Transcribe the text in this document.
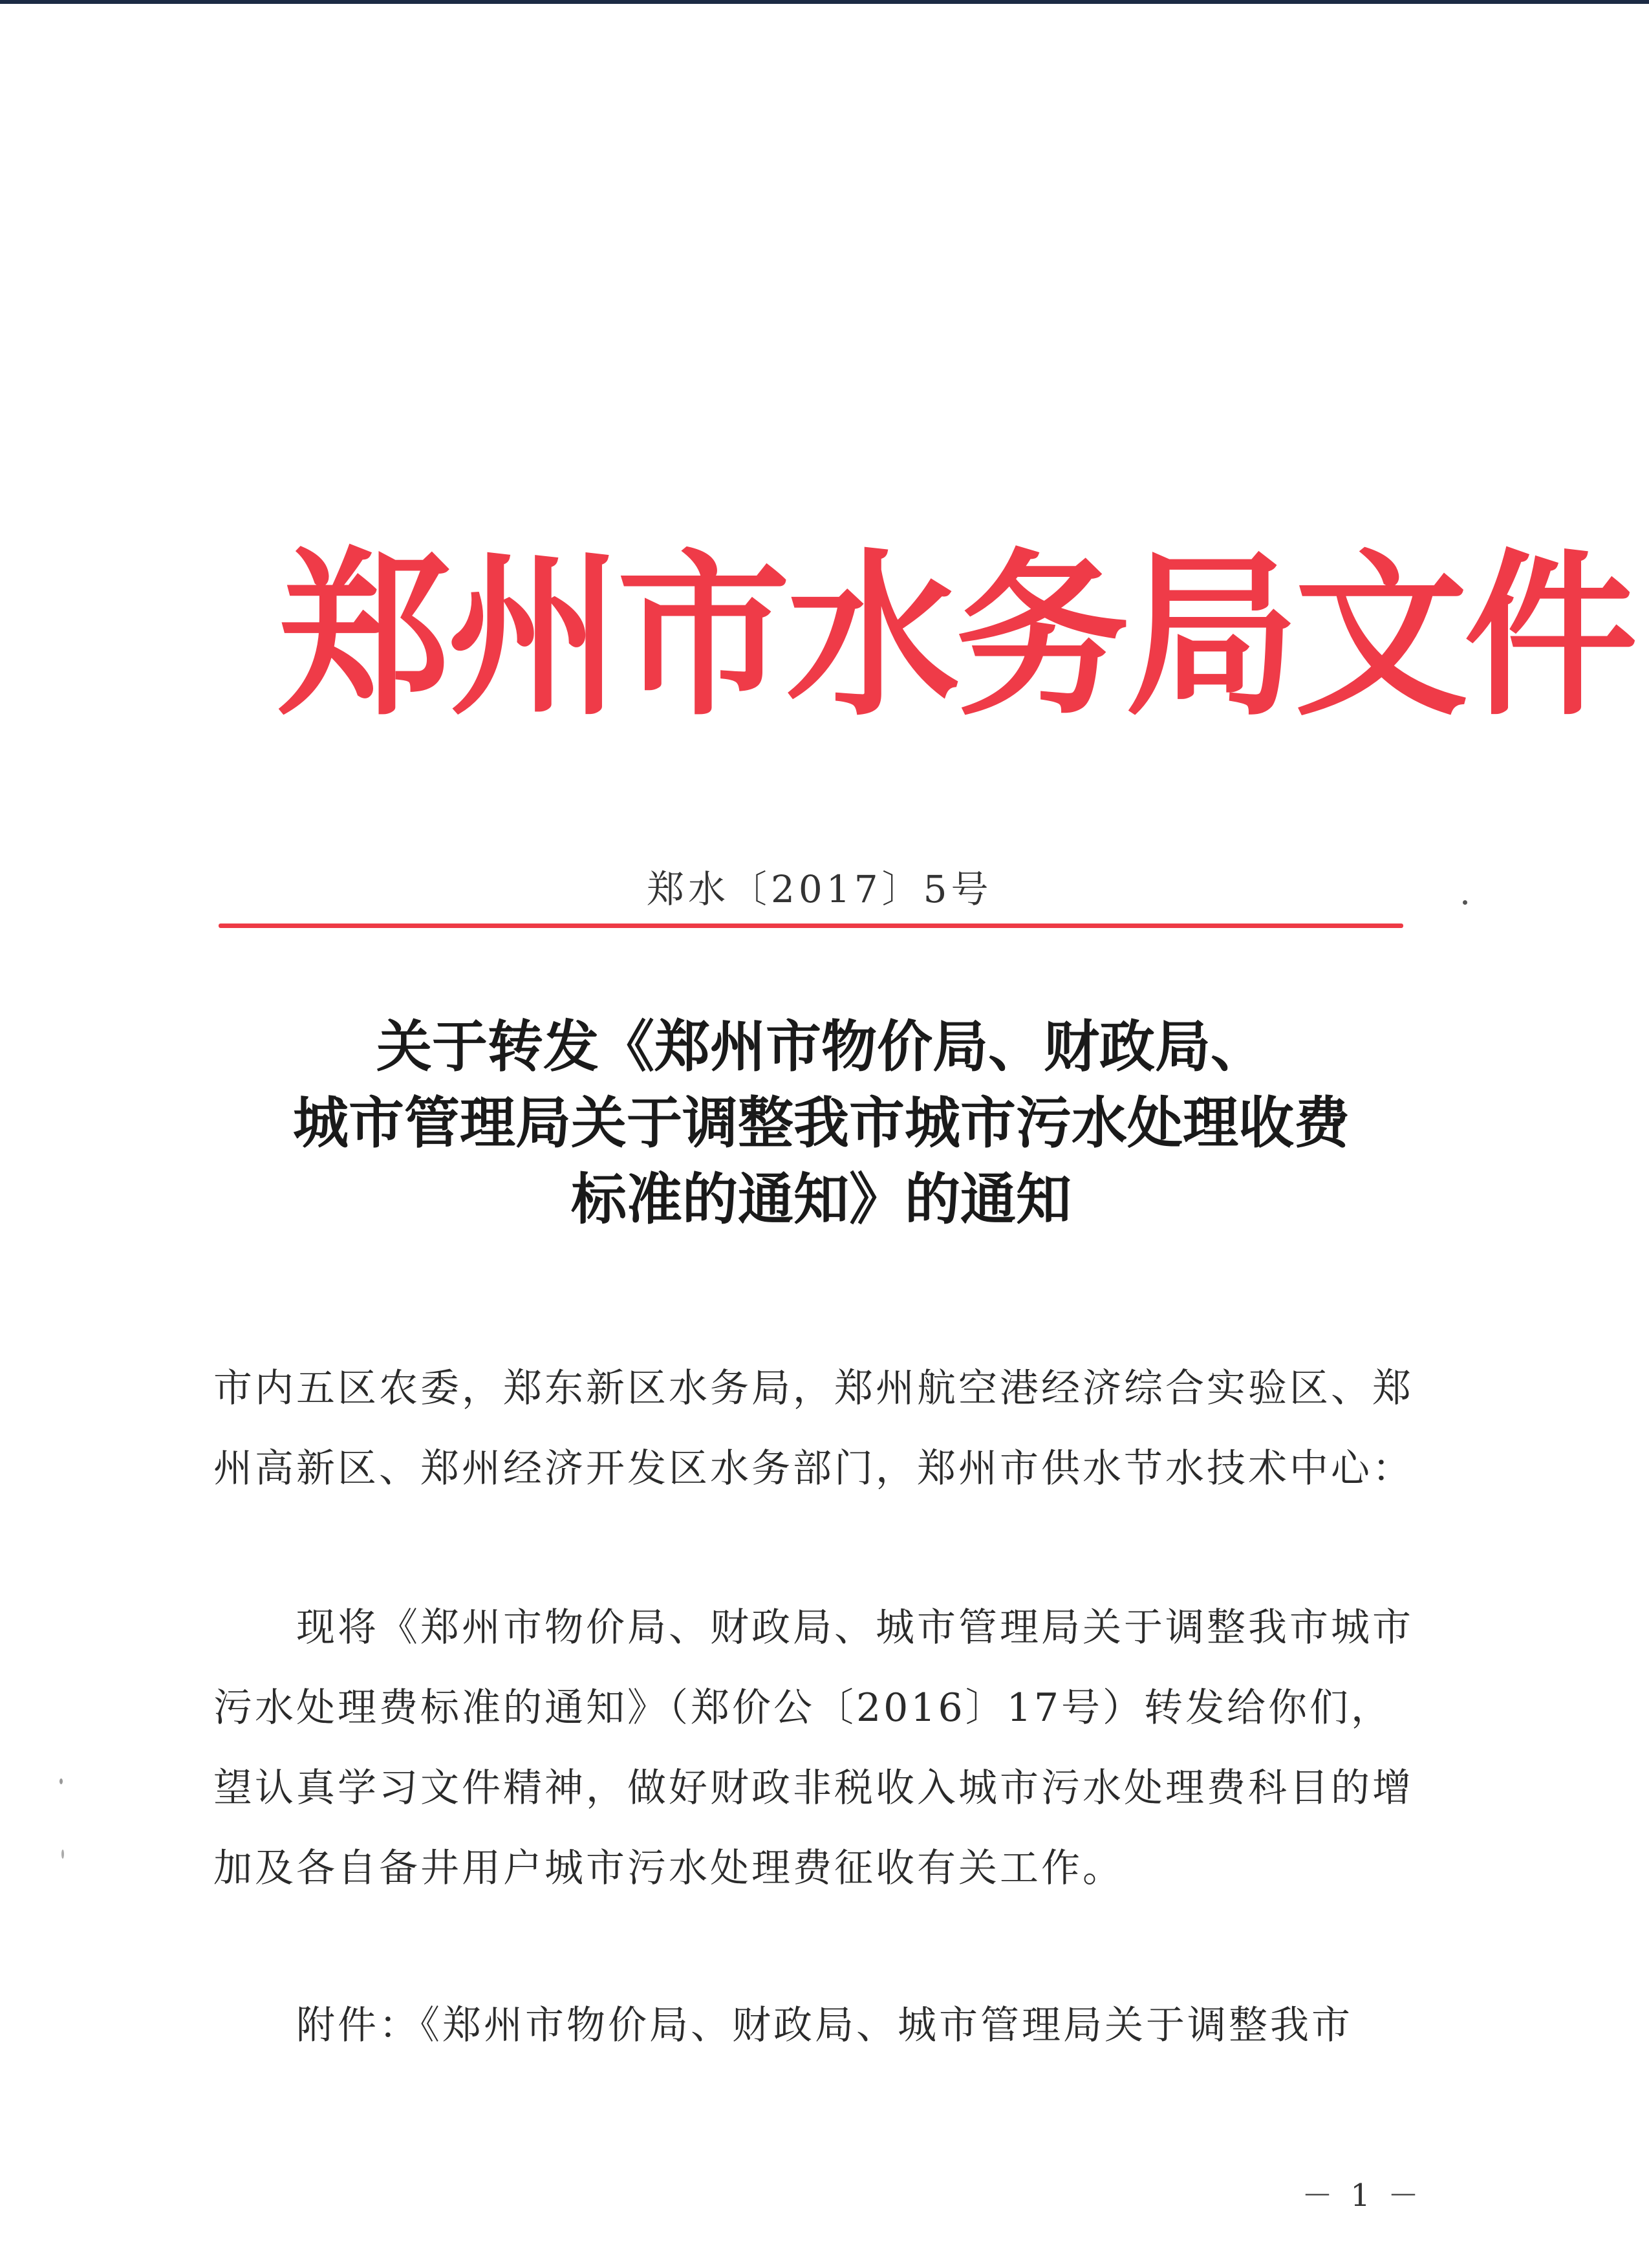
郑州市水务局文件
郑水〔2017〕5号
关于转发《郑州市物价局、财政局、
城市管理局关于调整我市城市污水处理收费
标准的通知》的通知
市内五区农委，郑东新区水务局，郑州航空港经济综合实验区、郑州高新区、郑州经济开发区水务部门，郑州市供水节水技术中心：
现将《郑州市物价局、财政局、城市管理局关于调整我市城市污水处理费标准的通知》（郑价公〔2016〕17号）转发给你们，望认真学习文件精神，做好财政非税收入城市污水处理费科目的增加及各自备井用户城市污水处理费征收有关工作。
附件：《郑州市物价局、财政局、城市管理局关于调整我市
－ 1 －
